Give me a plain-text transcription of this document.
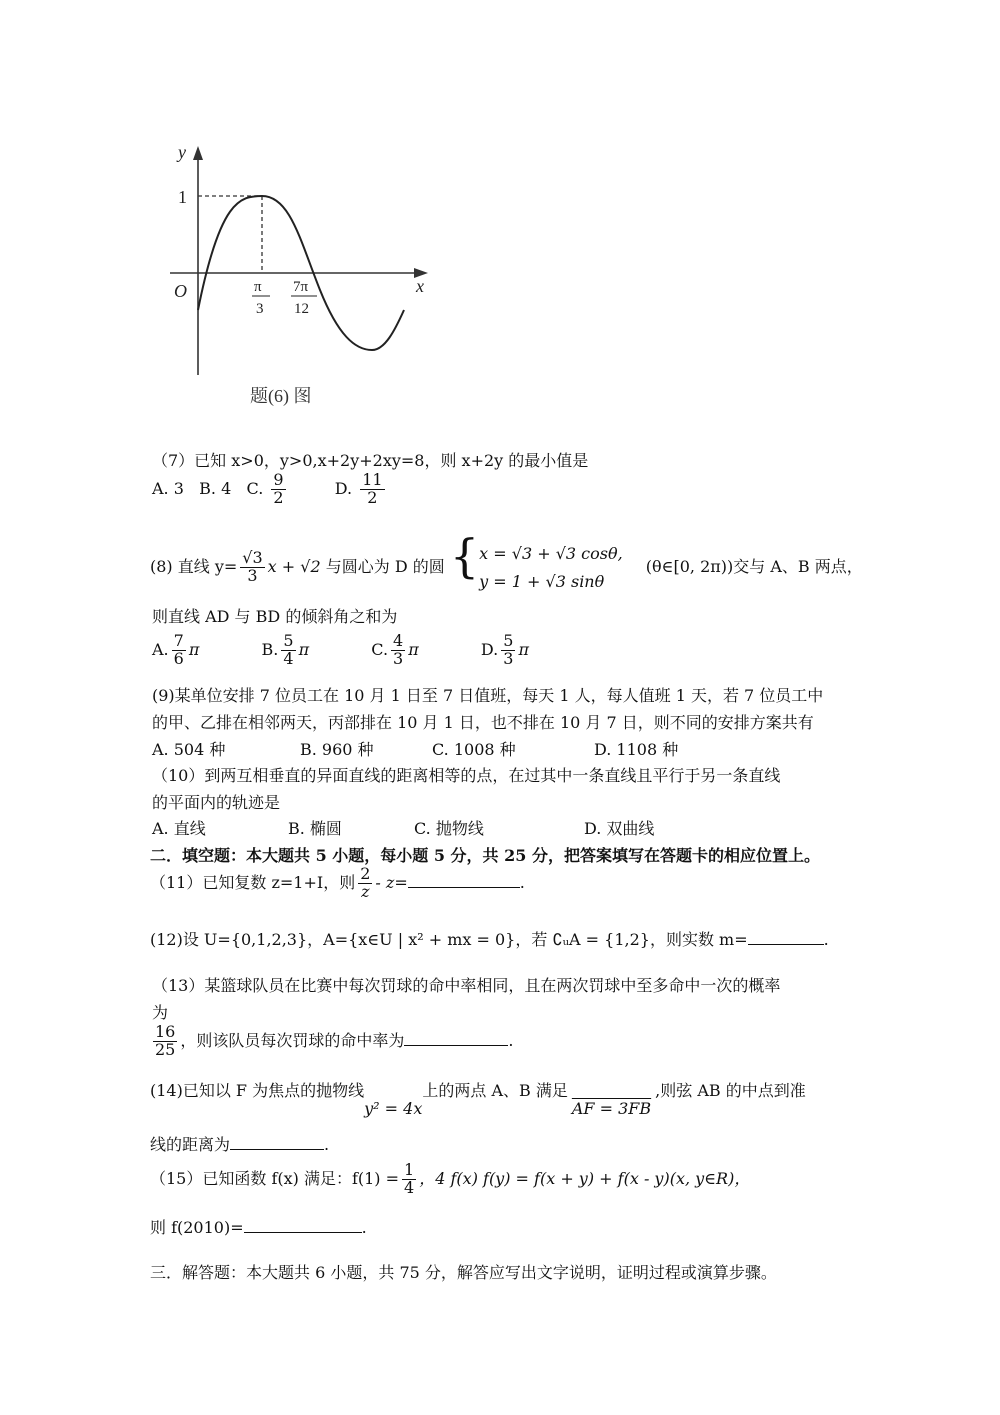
y
x
O
1
π
3
7π
12
题(6) 图
（7）已知 x>0，y>0,x+2y+2xy=8，则 x+2y 的最小值是
A. 3 B. 4 C. $\frac{9}{2}$	D. $\frac{11}{2}$
(8) 直线 $y= \frac{√3}{3}$ x + √2 与圆心为 D 的圆 { x = √3 + √3 cosθ,
y = 1 + √3 sinθ
(θ∈[0, 2π))交与 A、B 两点，
则直线 AD 与 BD 的倾斜角之和为
A. $\frac{7}{6}$ π	B. $\frac{5}{4}$ π	C. $\frac{4}{3}$ π	D. $\frac{5}{3}$ π
(9)某单位安排 7 位员工在 10 月 1 日至 7 日值班，每天 1 人，每人值班 1 天，若 7 位员工中
的甲、乙排在相邻两天，丙部排在 10 月 1 日，也不排在 10 月 7 日，则不同的安排方案共有
A. 504 种	B. 960 种	C. 1008 种	D. 1108 种
（10）到两互相垂直的异面直线的距离相等的点，在过其中一条直线且平行于另一条直线
的平面内的轨迹是
A. 直线	B. 椭圆	C. 抛物线	D. 双曲线
二．填空题：本大题共 5 小题，每小题 5 分，共 25 分，把答案填写在答题卡的相应位置上。
（11）已知复数 z=1+I，则 $\frac{2}{z} - z=$	.
(12)设 U={0,1,2,3}，A={x∈U | x² + mx = 0}，若 ∁ᵤA = {1,2}，则实数 m=	.
（13）某篮球队员在比赛中每次罚球的命中率相同，且在两次罚球中至多命中一次的概率
为
$\frac{16}{25}$ ，则该队员每次罚球的命中率为	.
(14)已知以 F 为焦点的抛物线y² = 4x上的两点 A、B 满足AF = 3FB,则弦 AB 的中点到准
线的距离为	.
（15）已知函数 f(x) 满足：$f(1) = \frac{1}{4}$ ，4 f(x) f(y) = f(x + y) + f(x - y)(x, y∈R)，
则 f(2010)=	.
三．解答题：本大题共 6 小题，共 75 分，解答应写出文字说明，证明过程或演算步骤。
